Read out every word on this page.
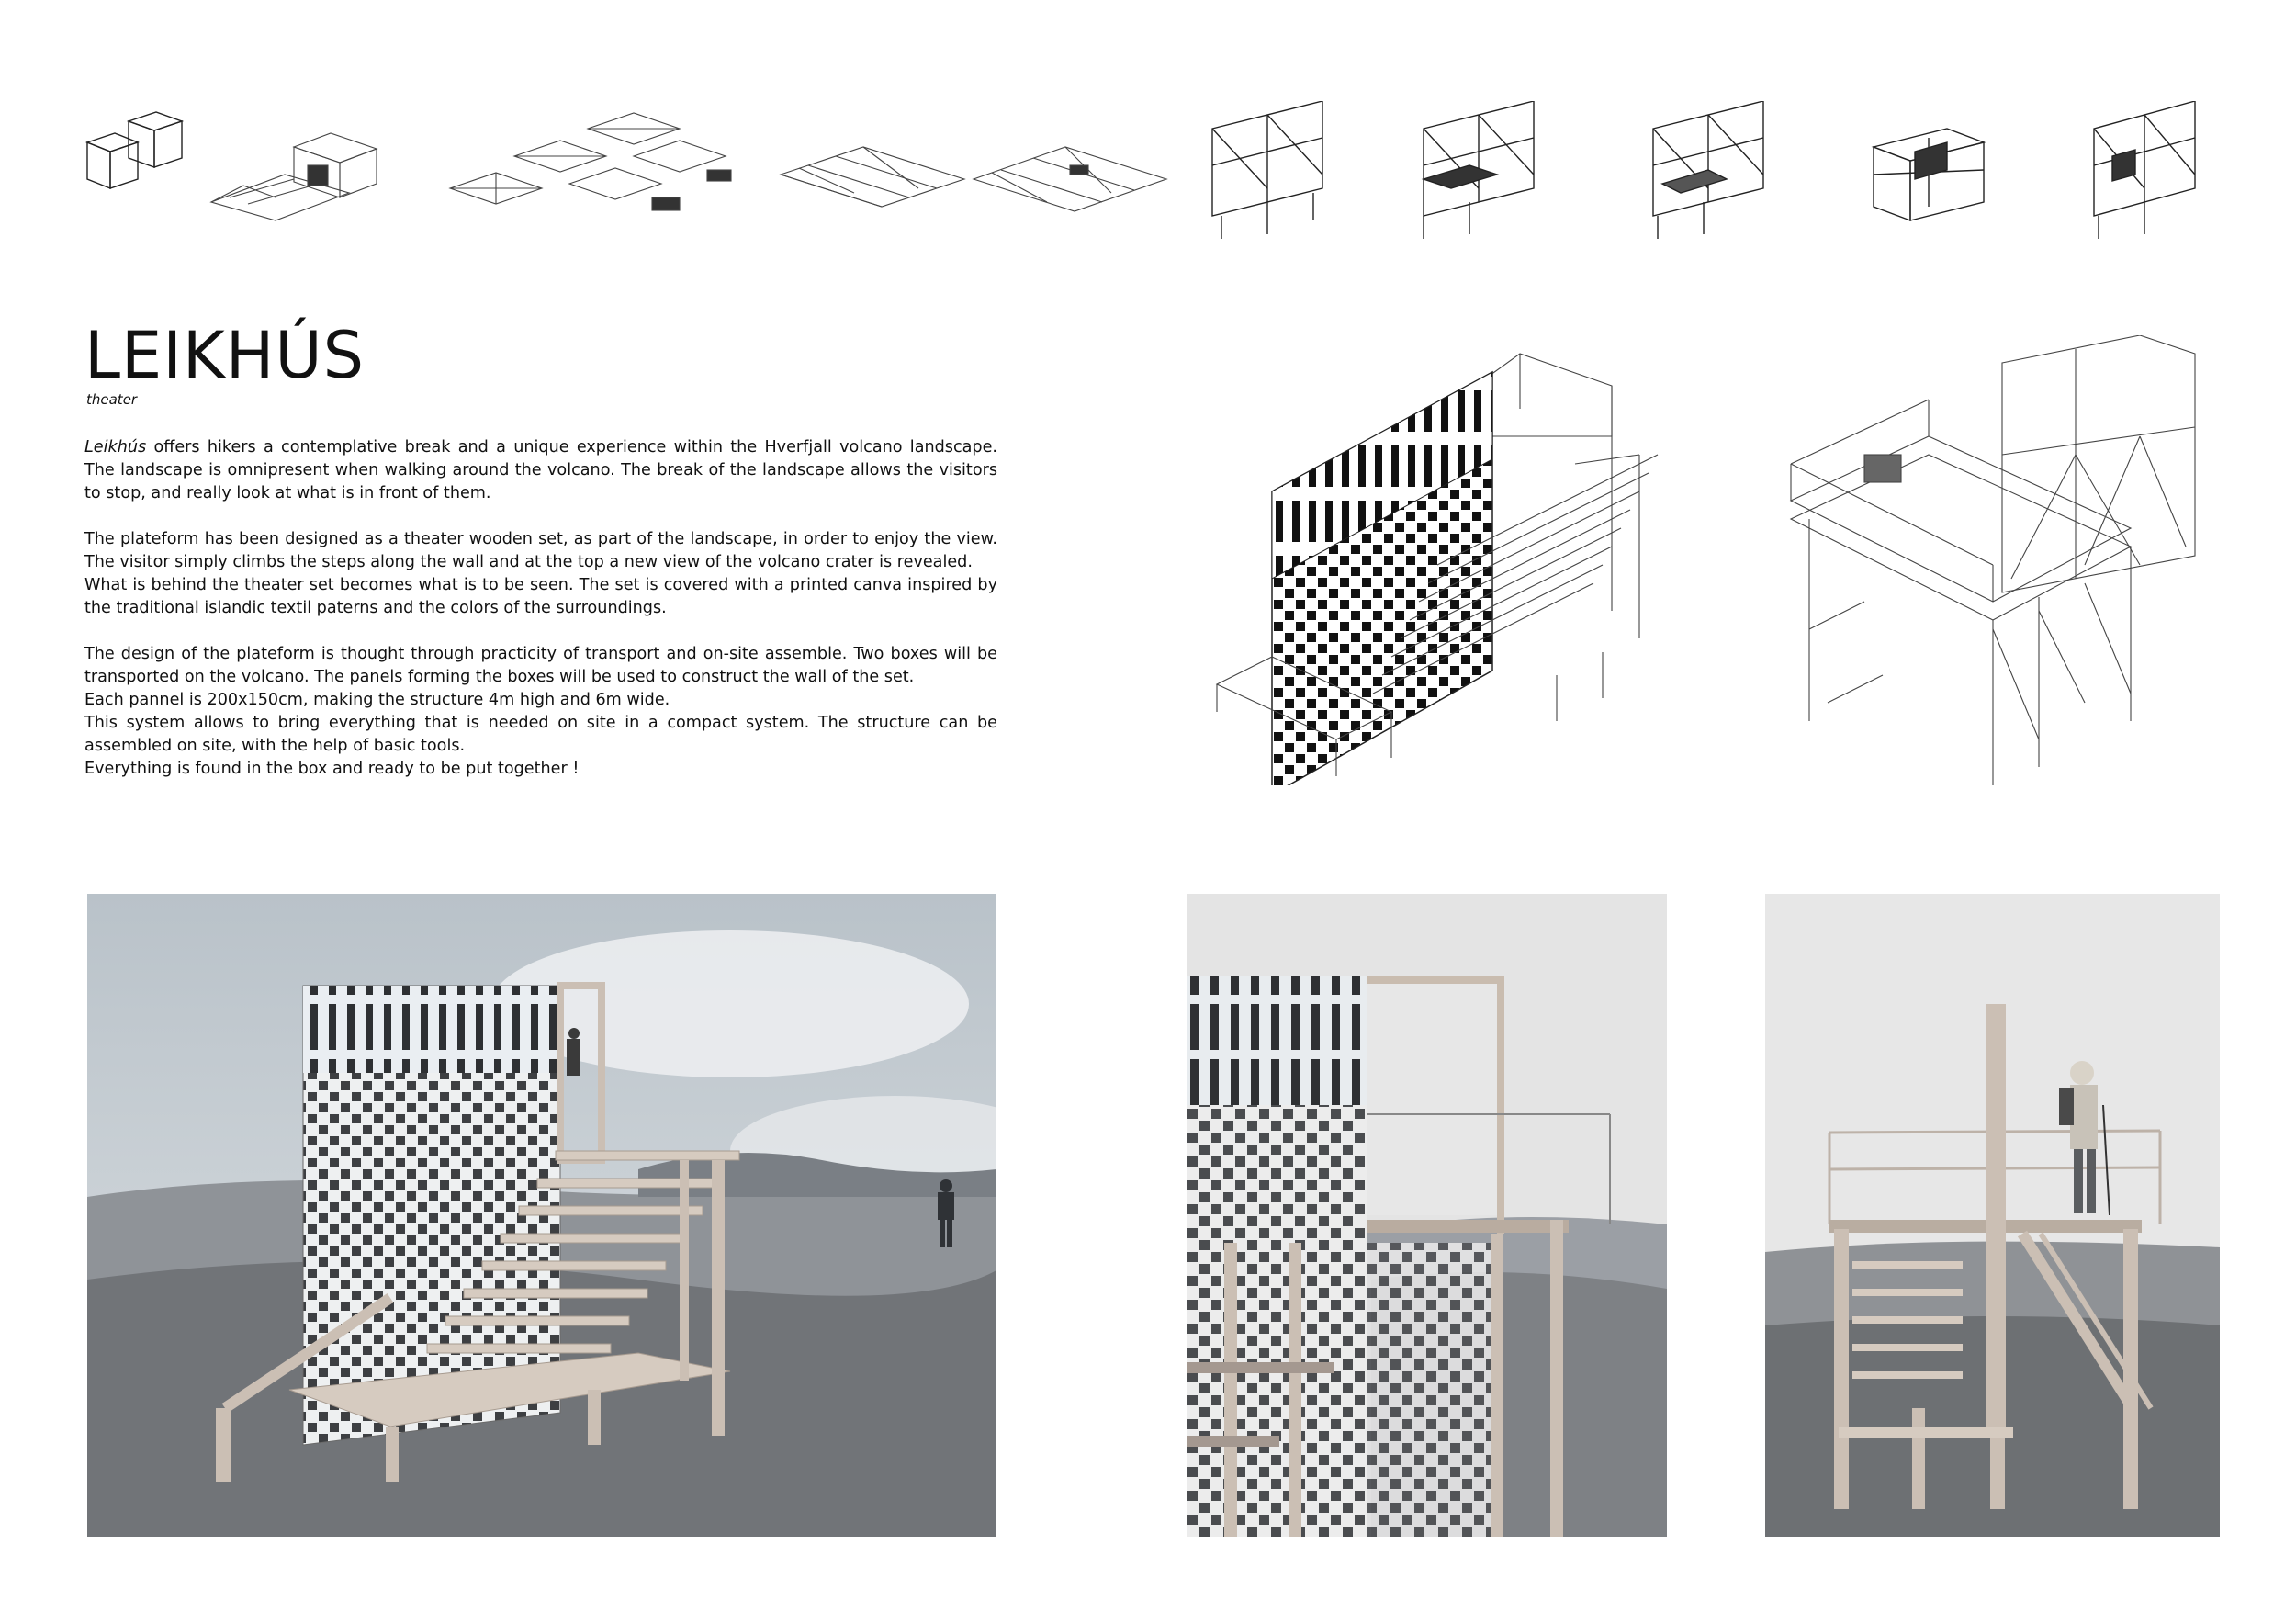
LEIKHÚS
theater

Leikhús offers hikers a contemplative break and a unique experience within the Hverfjall volcano landscape. The landscape is omnipresent when walking around the volcano. The break of the landscape allows the visitors to stop, and really look at what is in front of them.

The plateform has been designed as a theater wooden set, as part of the landscape, in order to enjoy the view. The visitor simply climbs the steps along the wall and at the top a new view of the volcano crater is revealed.

What is behind the theater set becomes what is to be seen. The set is covered with a printed canva inspired by the traditional islandic textil paterns and the colors of the surroundings.

The design of the plateform is thought through practicity of transport and on-site assemble. Two boxes will be transported on the volcano. The panels forming the boxes will be used to construct the wall of the set.

Each pannel is 200x150cm, making the structure 4m high and 6m wide.

This system allows to bring everything that is needed on site in a compact system. The structure can be assembled on site, with the help of basic tools.

Everything is found in the box and ready to be put together !
